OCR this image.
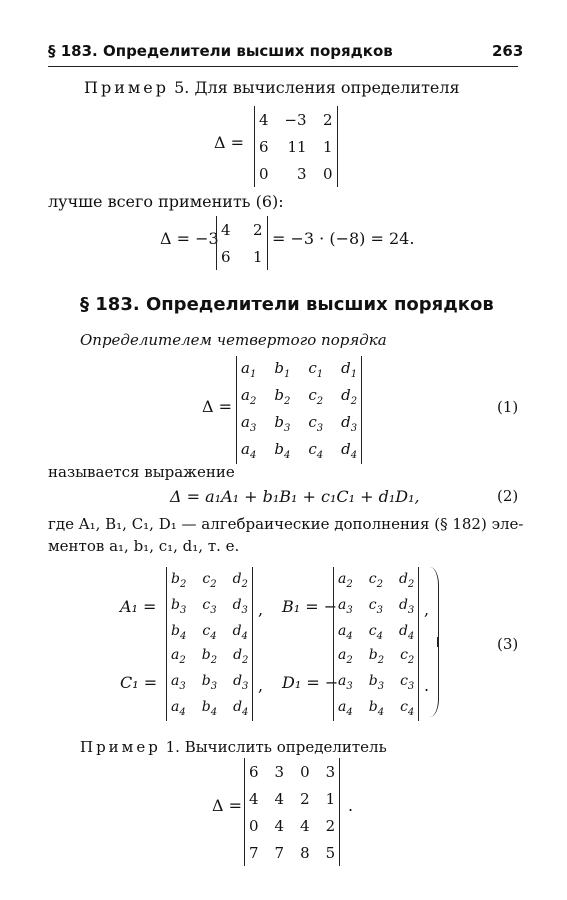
§ 183. Определители высших порядков	263
Пример 5. Для вычисления определителя
Δ =
4	−3	2
6	11	1
0	3	0
лучше всего применить (6):
Δ = −3 4	2
6	1
= −3 · (−8) = 24.
§ 183. Определители высших порядков
Определителем четвертого порядка
Δ =
$a_1$	$b_1$	$c_1$	$d_1$
$a_2$	$b_2$	$c_2$	$d_2$
$a_3$	$b_3$	$c_3$	$d_3$
$a_4$	$b_4$	$c_4$	$d_4$
(1)
называется выражение
Δ = a₁A₁ + b₁B₁ + c₁C₁ + d₁D₁,	(2)
где A₁, B₁, C₁, D₁ — алгебраические дополнения (§ 182) эле-
ментов a₁, b₁, c₁, d₁, т. е.
A₁ =
$b_2$	$c_2$	$d_2$
$b_3$	$c_3$	$d_3$
$b_4$	$c_4$	$d_4$
, B₁ = −
$a_2$	$c_2$	$d_2$
$a_3$	$c_3$	$d_3$
$a_4$	$c_4$	$d_4$
,
C₁ =
$a_2$	$b_2$	$d_2$
$a_3$	$b_3$	$d_3$
$a_4$	$b_4$	$d_4$
, D₁ = −
$a_2$	$b_2$	$c_2$
$a_3$	$b_3$	$c_3$
$a_4$	$b_4$	$c_4$
.
(3)
Пример 1. Вычислить определитель
Δ =
6	3	0	3
4	4	2	1
0	4	4	2
7	7	8	5
.
